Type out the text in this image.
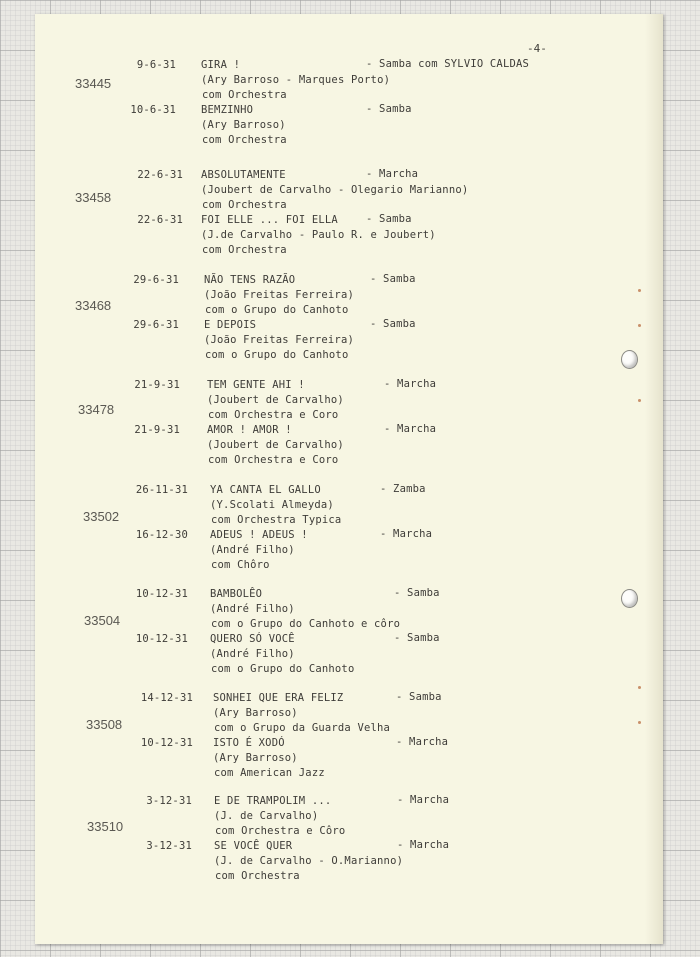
-4-
33445
9-6-31 GIRA !	- Samba com SYLVIO CALDAS
(Ary Barroso - Marques Porto)
com Orchestra
10-6-31 BEMZINHO	- Samba
(Ary Barroso)
com Orchestra
33458
22-6-31 ABSOLUTAMENTE	- Marcha
(Joubert de Carvalho - Olegario Marianno)
com Orchestra
22-6-31 FOI ELLE ... FOI ELLA	- Samba
(J.de Carvalho - Paulo R. e Joubert)
com Orchestra
33468
29-6-31 NÃO TENS RAZÃO	- Samba
(João Freitas Ferreira)
com o Grupo do Canhoto
29-6-31 E DEPOIS	- Samba
(João Freitas Ferreira)
com o Grupo do Canhoto
33478
21-9-31	TEM GENTE AHI !	- Marcha
(Joubert de Carvalho)
com Orchestra e Coro
21-9-31	AMOR ! AMOR !	- Marcha
(Joubert de Carvalho)
com Orchestra e Coro
33502
26-11-31 YA CANTA EL GALLO	- Zamba
(Y.Scolati Almeyda)
com Orchestra Typica
16-12-30 ADEUS ! ADEUS !	- Marcha
(André Filho)
com Chôro
33504
10-12-31 BAMBOLÊO	- Samba
(André Filho)
com o Grupo do Canhoto e côro
10-12-31 QUERO SÓ VOCÊ	- Samba
(André Filho)
com o Grupo do Canhoto
33508
14-12-31 SONHEI QUE ERA FELIZ	- Samba
(Ary Barroso)
com o Grupo da Guarda Velha
10-12-31 ISTO É XODÓ	- Marcha
(Ary Barroso)
com American Jazz
33510
3-12-31 E DE TRAMPOLIM ...	- Marcha
(J. de Carvalho)
com Orchestra e Côro
3-12-31 SE VOCÊ QUER	- Marcha
(J. de Carvalho - O.Marianno)
com Orchestra
